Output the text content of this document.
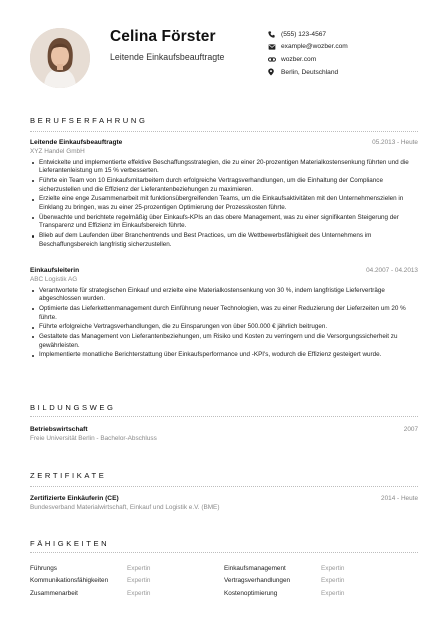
Celina Förster
Leitende Einkaufsbeauftragte
(555) 123-4567
example@wozber.com
wozber.com
Berlin, Deutschland
BERUFSERFAHRUNG
Leitende Einkaufsbeauftragte	05.2013 - Heute
XYZ Handel GmbH
Entwickelte und implementierte effektive Beschaffungsstrategien, die zu einer 20-prozentigen Materialkostensenkung führten und die Lieferantenleistung um 15 % verbesserten.
Führte ein Team von 10 Einkaufsmitarbeitern durch erfolgreiche Vertragsverhandlungen, um die Einhaltung der Compliance sicherzustellen und die Effizienz der Lieferantenbeziehungen zu maximieren.
Erzielte eine enge Zusammenarbeit mit funktionsübergreifenden Teams, um die Einkaufsaktivitäten mit den Unternehmenszielen in Einklang zu bringen, was zu einer 25-prozentigen Optimierung der Prozesskosten führte.
Überwachte und berichtete regelmäßig über Einkaufs-KPIs an das obere Management, was zu einer signifikanten Steigerung der Transparenz und Effizienz im Einkaufsbereich führte.
Blieb auf dem Laufenden über Branchentrends und Best Practices, um die Wettbewerbsfähigkeit des Unternehmens im Beschaffungsbereich langfristig sicherzustellen.
Einkaufsleiterin	04.2007 - 04.2013
ABC Logistik AG
Verantwortete für strategischen Einkauf und erzielte eine Materialkostensenkung von 30 %, indem langfristige Lieferverträge abgeschlossen wurden.
Optimierte das Lieferkettenmanagement durch Einführung neuer Technologien, was zu einer Reduzierung der Lieferzeiten um 20 % führte.
Führte erfolgreiche Vertragsverhandlungen, die zu Einsparungen von über 500.000 € jährlich beitrugen.
Gestaltete das Management von Lieferantenbeziehungen, um Risiko und Kosten zu verringern und die Versorgungssicherheit zu gewährleisten.
Implementierte monatliche Berichterstattung über Einkaufsperformance und -KPI's, wodurch die Effizienz gesteigert wurde.
BILDUNGSWEG
Betriebswirtschaft	2007
Freie Universität Berlin - Bachelor-Abschluss
ZERTIFIKATE
Zertifizierte Einkäuferin (CE)	2014 - Heute
Bundesverband Materialwirtschaft, Einkauf und Logistik e.V. (BME)
FÄHIGKEITEN
Führungs	Expertin	Einkaufsmanagement	Expertin
Kommunikationsfähigkeiten	Expertin	Vertragsverhandlungen	Expertin
Zusammenarbeit	Expertin	Kostenoptimierung	Expertin
